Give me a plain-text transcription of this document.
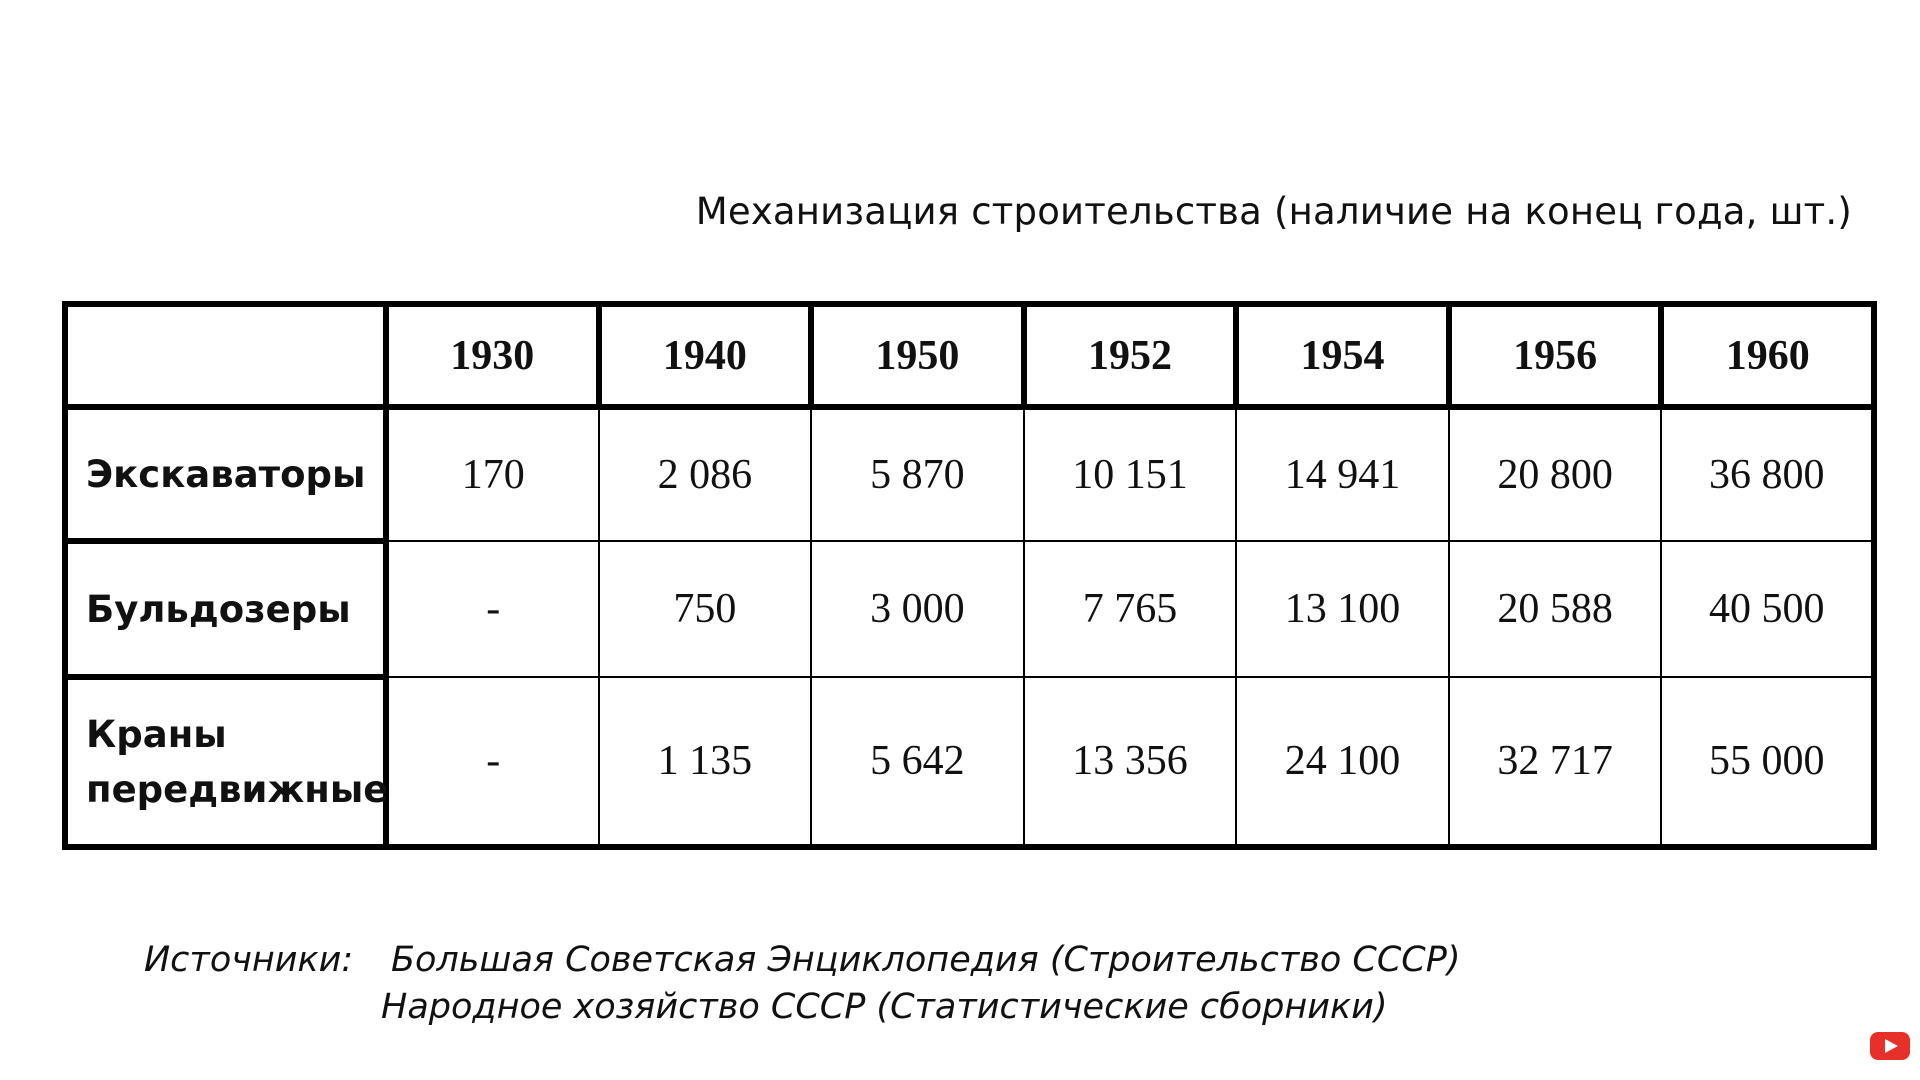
Механизация строительства (наличие на конец года, шт.)
	1930	1940	1950	1952	1954	1956	1960
Экскаваторы	170	2 086	5 870	10 151	14 941	20 800	36 800
Бульдозеры	-	750	3 000	7 765	13 100	20 588	40 500

Краны
передвижные	-	1 135	5 642	13 356	24 100	32 717	55 000
Источники: Большая Советская Энциклопедия (Строительство СССР)
Народное хозяйство СССР (Статистические сборники)
